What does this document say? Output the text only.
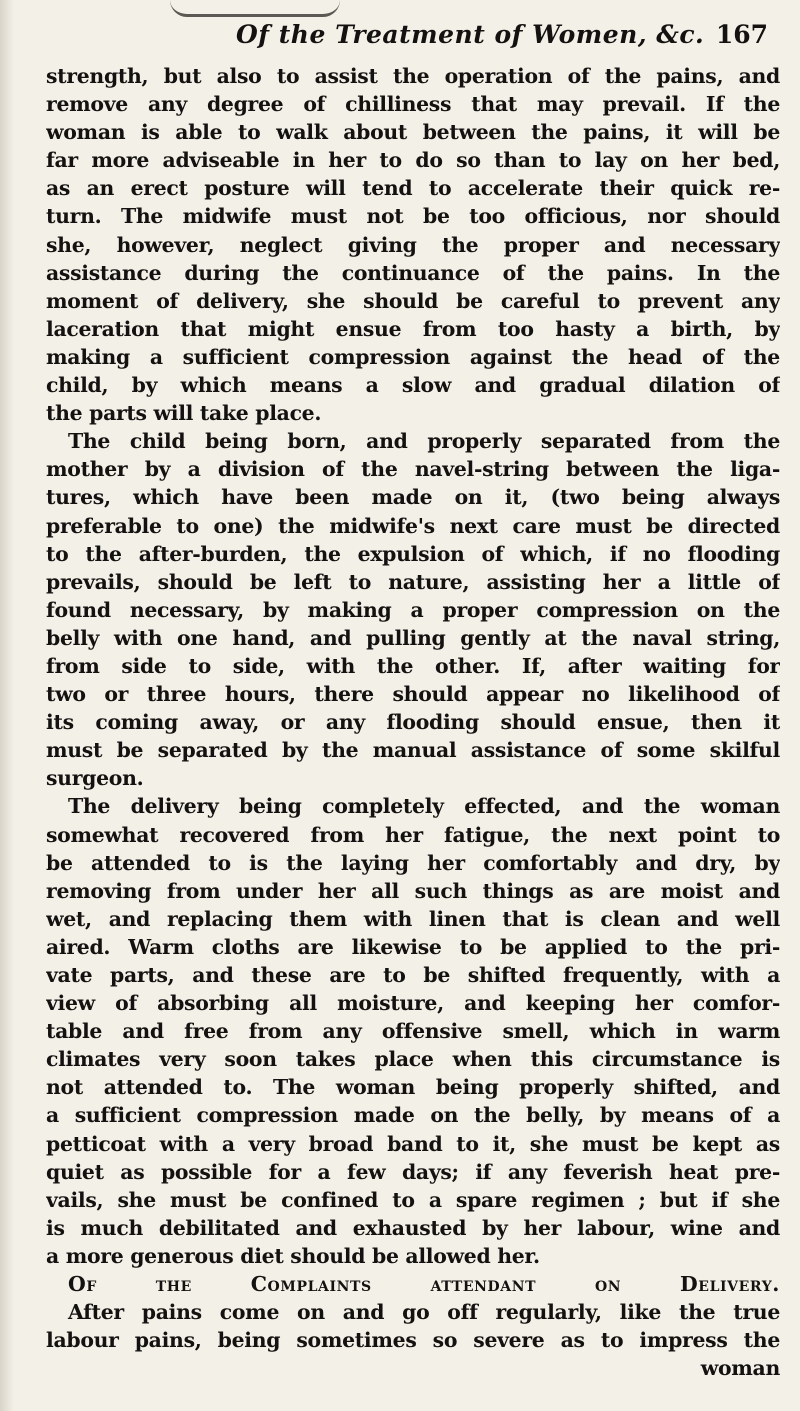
Of the Treatment of Women, &c. 167
strength, but also to assist the operation of the pains, and
remove any degree of chilliness that may prevail. If the
woman is able to walk about between the pains, it will be
far more adviseable in her to do so than to lay on her bed,
as an erect posture will tend to accelerate their quick re-
turn. The midwife must not be too officious, nor should
she, however, neglect giving the proper and necessary
assistance during the continuance of the pains. In the
moment of delivery, she should be careful to prevent any
laceration that might ensue from too hasty a birth, by
making a sufficient compression against the head of the
child, by which means a slow and gradual dilation of
the parts will take place.
The child being born, and properly separated from the
mother by a division of the navel-string between the liga-
tures, which have been made on it, (two being always
preferable to one) the midwife's next care must be directed
to the after-burden, the expulsion of which, if no flooding
prevails, should be left to nature, assisting her a little of
found necessary, by making a proper compression on the
belly with one hand, and pulling gently at the naval string,
from side to side, with the other. If, after waiting for
two or three hours, there should appear no likelihood of
its coming away, or any flooding should ensue, then it
must be separated by the manual assistance of some skilful
surgeon.
The delivery being completely effected, and the woman
somewhat recovered from her fatigue, the next point to
be attended to is the laying her comfortably and dry, by
removing from under her all such things as are moist and
wet, and replacing them with linen that is clean and well
aired. Warm cloths are likewise to be applied to the pri-
vate parts, and these are to be shifted frequently, with a
view of absorbing all moisture, and keeping her comfor-
table and free from any offensive smell, which in warm
climates very soon takes place when this circumstance is
not attended to. The woman being properly shifted, and
a sufficient compression made on the belly, by means of a
petticoat with a very broad band to it, she must be kept as
quiet as possible for a few days; if any feverish heat pre-
vails, she must be confined to a spare regimen ; but if she
is much debilitated and exhausted by her labour, wine and
a more generous diet should be allowed her.
Of the Complaints attendant on Delivery.
After pains come on and go off regularly, like the true
labour pains, being sometimes so severe as to impress the
woman
